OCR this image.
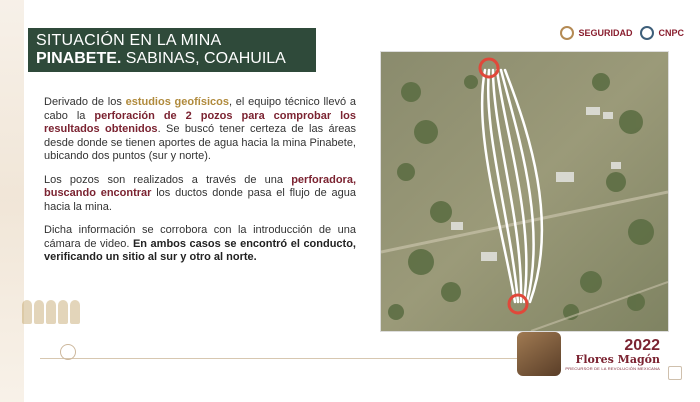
SITUACIÓN EN LA MINA
PINABETE. SABINAS, COAHUILA
SEGURIDAD	CNPC

Derivado de los estudios geofísicos, el equipo técnico llevó a cabo la perforación de 2 pozos para comprobar los resultados obtenidos. Se buscó tener certeza de las áreas desde donde se tienen aportes de agua hacia la mina Pinabete, ubicando dos puntos (sur y norte).

Los pozos son realizados a través de una perforadora, buscando encontrar los ductos donde pasa el flujo de agua hacia la mina.

Dicha información se corrobora con la introducción de una cámara de video. En ambos casos se encontró el conducto, verificando un sitio al sur y otro al norte.

2022
Flores Magón
PRECURSOR DE LA REVOLUCIÓN MEXICANA
